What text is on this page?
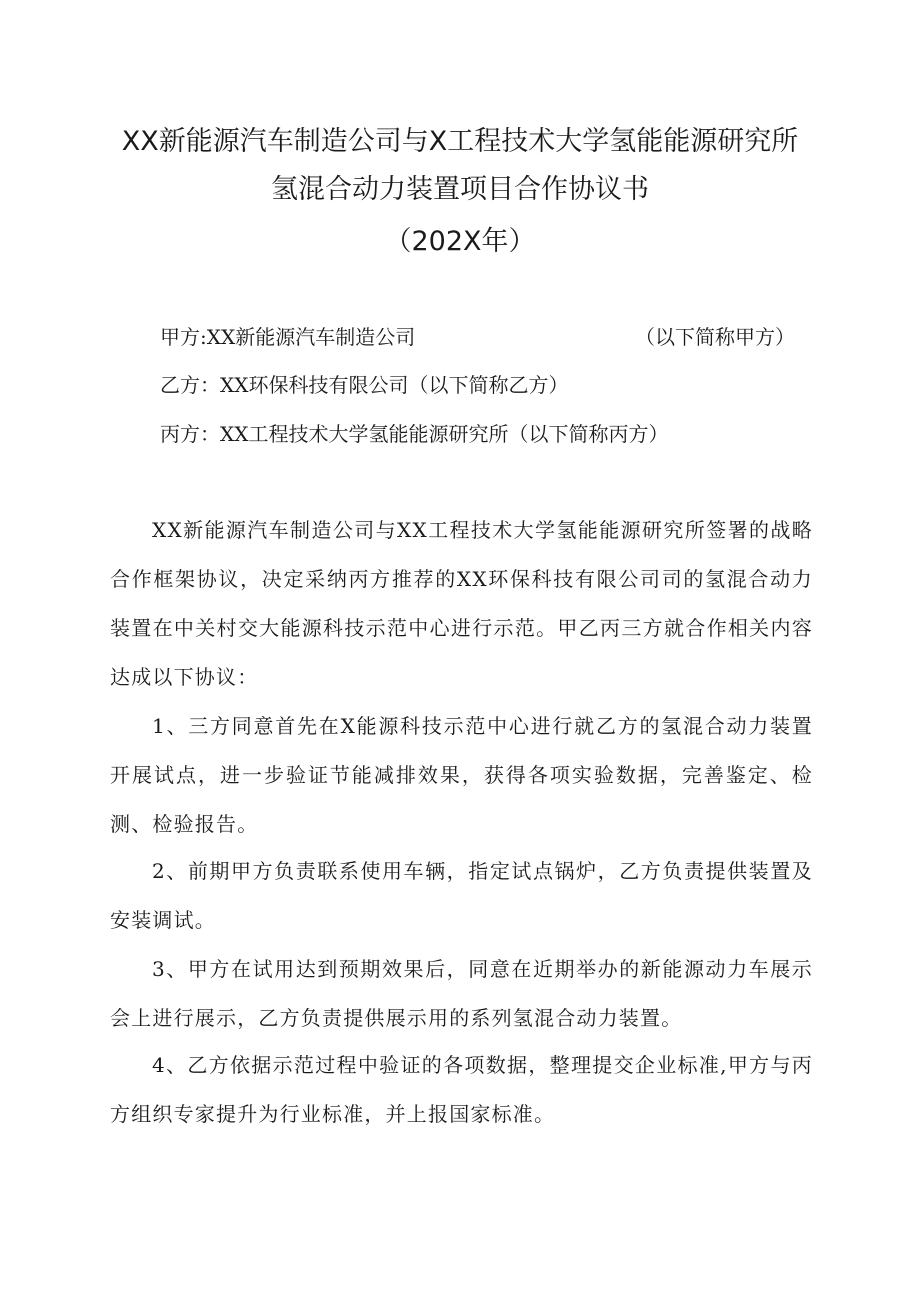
XX新能源汽车制造公司与X工程技术大学氢能能源研究所
氢混合动力装置项目合作协议书
（202X年）
甲方:XX新能源汽车制造公司	（以下简称甲方）
乙方：XX环保科技有限公司（以下简称乙方）
丙方：XX工程技术大学氢能能源研究所（以下简称丙方）

XX新能源汽车制造公司与XX工程技术大学氢能能源研究所签署的战略合作框架协议，决定采纳丙方推荐的XX环保科技有限公司司的氢混合动力装置在中关村交大能源科技示范中心进行示范。甲乙丙三方就合作相关内容达成以下协议：

1、三方同意首先在X能源科技示范中心进行就乙方的氢混合动力装置开展试点，进一步验证节能减排效果，获得各项实验数据，完善鉴定、检测、检验报告。

2、前期甲方负责联系使用车辆，指定试点锅炉，乙方负责提供装置及安装调试。

3、甲方在试用达到预期效果后，同意在近期举办的新能源动力车展示会上进行展示，乙方负责提供展示用的系列氢混合动力装置。

4、乙方依据示范过程中验证的各项数据，整理提交企业标准,甲方与丙方组织专家提升为行业标准，并上报国家标准。
